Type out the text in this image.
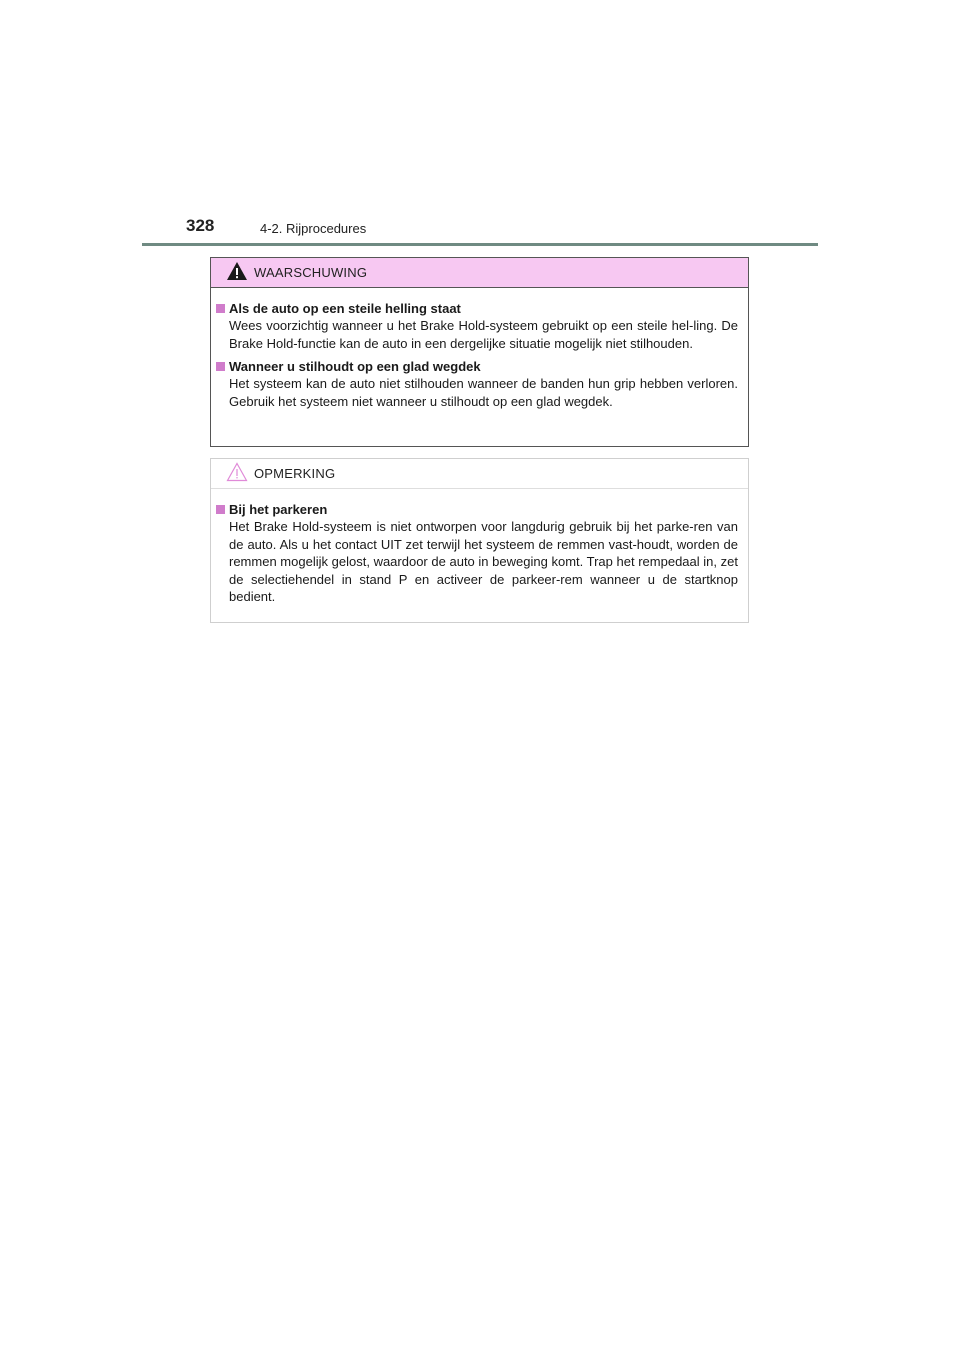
328	4-2. Rijprocedures
WAARSCHUWING
Als de auto op een steile helling staat
Wees voorzichtig wanneer u het Brake Hold-systeem gebruikt op een steile hel-ling. De Brake Hold-functie kan de auto in een dergelijke situatie mogelijk niet stilhouden.
Wanneer u stilhoudt op een glad wegdek
Het systeem kan de auto niet stilhouden wanneer de banden hun grip hebben verloren. Gebruik het systeem niet wanneer u stilhoudt op een glad wegdek.
OPMERKING
Bij het parkeren
Het Brake Hold-systeem is niet ontworpen voor langdurig gebruik bij het parke-ren van de auto. Als u het contact UIT zet terwijl het systeem de remmen vast-houdt, worden de remmen mogelijk gelost, waardoor de auto in beweging komt. Trap het rempedaal in, zet de selectiehendel in stand P en activeer de parkeer-rem wanneer u de startknop bedient.
